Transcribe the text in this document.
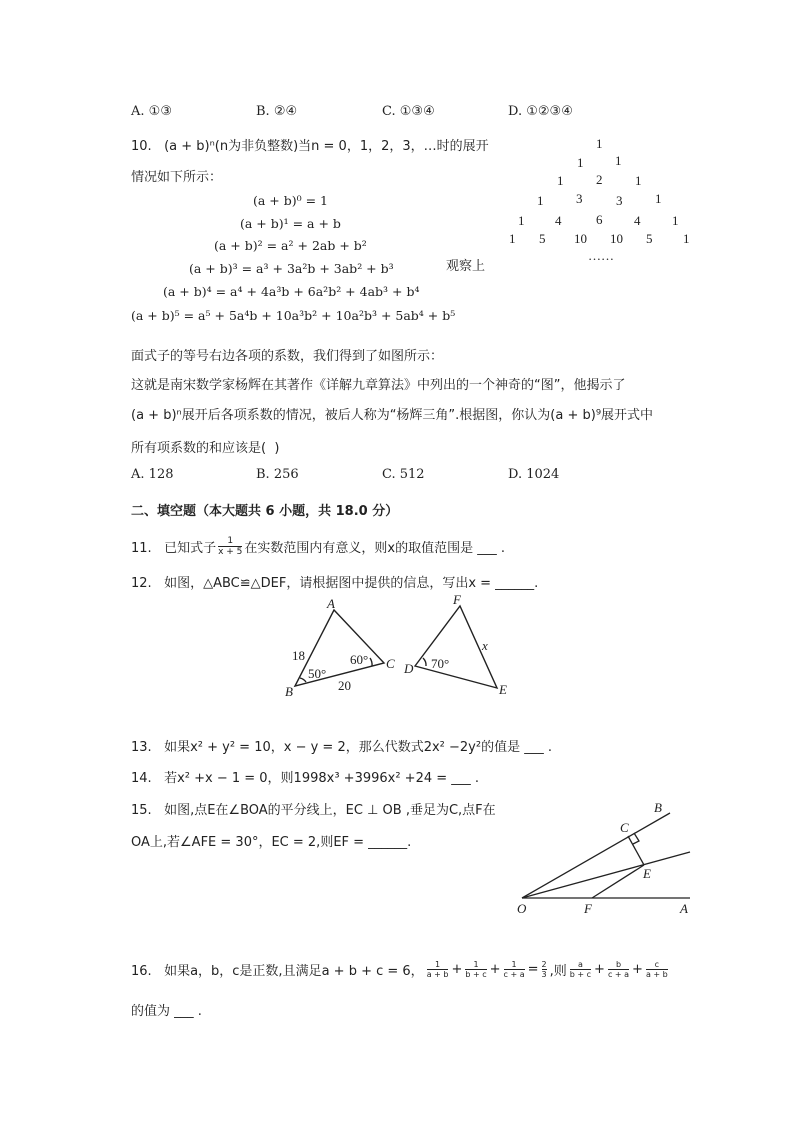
A. ①③	B. ②④	C. ①③④	D. ①②③④
10.   (a + b)ⁿ(n为非负整数)当n = 0，1，2，3，…时的展开
情况如下所示：
(a + b)⁰ = 1
(a + b)¹ = a + b
(a + b)² = a² + 2ab + b²
(a + b)³ = a³ + 3a²b + 3ab² + b³
(a + b)⁴ = a⁴ + 4a³b + 6a²b² + 4ab³ + b⁴
(a + b)⁵ = a⁵ + 5a⁴b + 10a³b² + 10a²b³ + 5ab⁴ + b⁵
观察上
1
1 1
1	2	1
1	3	3	1
1 4	6 4 1
1 5 10 10 5 1
……
面式子的等号右边各项的系数，我们得到了如图所示：
这就是南宋数学家杨辉在其著作《详解九章算法》中列出的一个神奇的“图”，他揭示了
(a + b)ⁿ展开后各项系数的情况，被后人称为“杨辉三角”.根据图，你认为(a + b)⁹展开式中
所有项系数的和应该是(  )
A. 128	B. 256	C. 512	D. 1024
二、填空题（本大题共 6 小题，共 18.0 分）
11.   已知式子 1
x + 5 在实数范围内有意义，则x的取值范围是 ___ .
12.   如图，△ABC≌△DEF，请根据图中提供的信息，写出x = ______.
A
B
C D
E
F
x
18
20
50°
60°	70°
13.   如果x² + y² = 10，x − y = 2，那么代数式2x² −2y²的值是 ___ .
14.   若x² +x − 1 = 0，则1998x³ +3996x² +24 = ___ .
15.   如图,点E在∠BOA的平分线上，EC ⊥ OB ,垂足为C,点F在
OA上,若∠AFE = 30°，EC = 2,则EF = ______.
B
C
E
O	F	A
16.   如果a，b，c是正数,且满足a + b + c = 6， 1
$a + b + \frac{1}{b + c} + \frac{1}{c + a} = \frac{2}{3}$ ,则 a
$b + c + \frac{b}{c + a} + \frac{c}{a + b}$
的值为 ___ .
